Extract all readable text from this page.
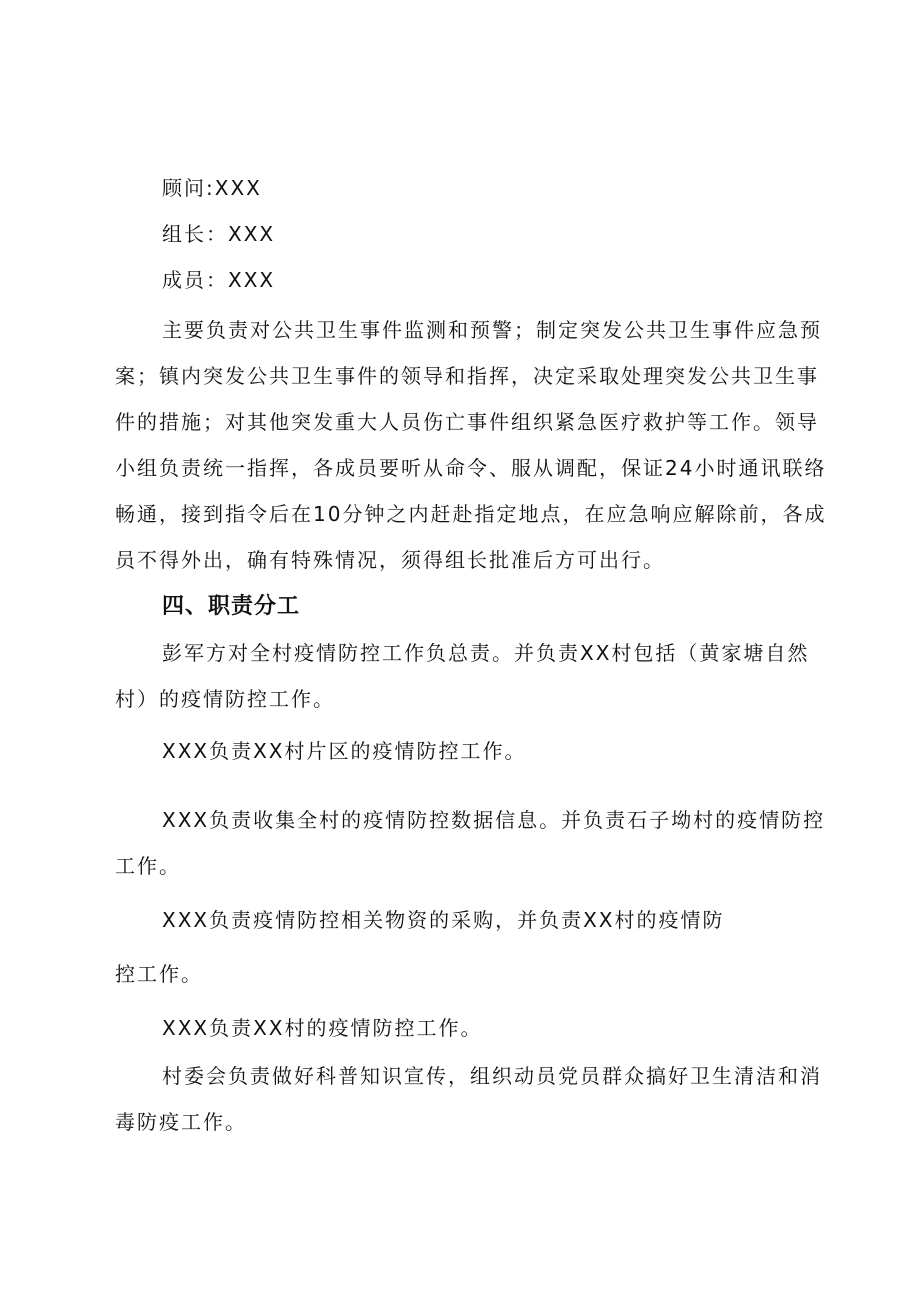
顾问:XXX
组长：XXX
成员：XXX
主要负责对公共卫生事件监测和预警；制定突发公共卫生事件应急预
案；镇内突发公共卫生事件的领导和指挥，决定采取处理突发公共卫生事
件的措施；对其他突发重大人员伤亡事件组织紧急医疗救护等工作。领导
小组负责统一指挥，各成员要听从命令、服从调配，保证24小时通讯联络
畅通，接到指令后在10分钟之内赶赴指定地点，在应急响应解除前，各成
员不得外出，确有特殊情况，须得组长批准后方可出行。
四、职责分工
彭军方对全村疫情防控工作负总责。并负责XX村包括（黄家塘自然
村）的疫情防控工作。
XXX负责XX村片区的疫情防控工作。
XXX负责收集全村的疫情防控数据信息。并负责石子坳村的疫情防控
工作。
XXX负责疫情防控相关物资的采购，并负责XX村的疫情防
控工作。
XXX负责XX村的疫情防控工作。
村委会负责做好科普知识宣传，组织动员党员群众搞好卫生清洁和消
毒防疫工作。
